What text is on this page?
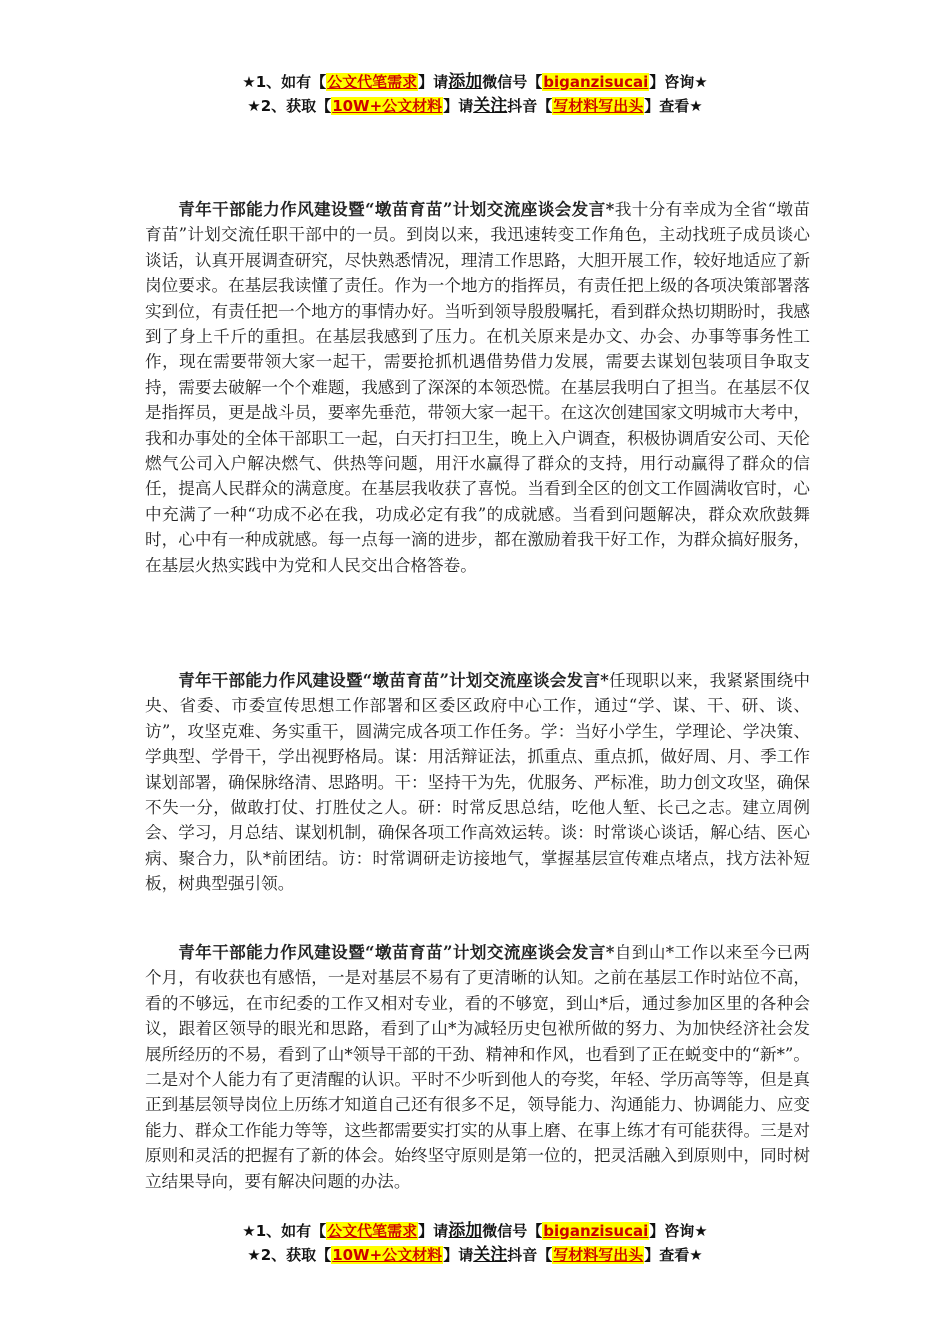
★1、如有【公文代笔需求】请添加微信号【biganzisucai】咨询★
★2、获取【10W+公文材料】请关注抖音【写材料写出头】查看★

青年干部能力作风建设暨“墩苗育苗”计划交流座谈会发言*我十分有幸成为全省“墩苗育苗”计划交流任职干部中的一员。到岗以来，我迅速转变工作角色，主动找班子成员谈心谈话，认真开展调查研究，尽快熟悉情况，理清工作思路，大胆开展工作，较好地适应了新岗位要求。在基层我读懂了责任。作为一个地方的指挥员，有责任把上级的各项决策部署落实到位，有责任把一个地方的事情办好。当听到领导殷殷嘱托，看到群众热切期盼时，我感到了身上千斤的重担。在基层我感到了压力。在机关原来是办文、办会、办事等事务性工作，现在需要带领大家一起干，需要抢抓机遇借势借力发展，需要去谋划包装项目争取支持，需要去破解一个个难题，我感到了深深的本领恐慌。在基层我明白了担当。在基层不仅是指挥员，更是战斗员，要率先垂范，带领大家一起干。在这次创建国家文明城市大考中，我和办事处的全体干部职工一起，白天打扫卫生，晚上入户调查，积极协调盾安公司、天伦燃气公司入户解决燃气、供热等问题，用汗水赢得了群众的支持，用行动赢得了群众的信任，提高人民群众的满意度。在基层我收获了喜悦。当看到全区的创文工作圆满收官时，心中充满了一种“功成不必在我，功成必定有我”的成就感。当看到问题解决，群众欢欣鼓舞时，心中有一种成就感。每一点每一滴的进步，都在激励着我干好工作，为群众搞好服务，在基层火热实践中为党和人民交出合格答卷。

青年干部能力作风建设暨“墩苗育苗”计划交流座谈会发言*任现职以来，我紧紧围绕中央、省委、市委宣传思想工作部署和区委区政府中心工作，通过“学、谋、干、研、谈、访”，攻坚克难、务实重干，圆满完成各项工作任务。学：当好小学生，学理论、学决策、学典型、学骨干，学出视野格局。谋：用活辩证法，抓重点、重点抓，做好周、月、季工作谋划部署，确保脉络清、思路明。干：坚持干为先，优服务、严标准，助力创文攻坚，确保不失一分，做敢打仗、打胜仗之人。研：时常反思总结，吃他人堑、长己之志。建立周例会、学习，月总结、谋划机制，确保各项工作高效运转。谈：时常谈心谈话，解心结、医心病、聚合力，队*前团结。访：时常调研走访接地气，掌握基层宣传难点堵点，找方法补短板，树典型强引领。

青年干部能力作风建设暨“墩苗育苗”计划交流座谈会发言*自到山*工作以来至今已两个月，有收获也有感悟，一是对基层不易有了更清晰的认知。之前在基层工作时站位不高，看的不够远，在市纪委的工作又相对专业，看的不够宽，到山*后，通过参加区里的各种会议，跟着区领导的眼光和思路，看到了山*为减轻历史包袱所做的努力、为加快经济社会发展所经历的不易，看到了山*领导干部的干劲、精神和作风，也看到了正在蜕变中的“新*”。二是对个人能力有了更清醒的认识。平时不少听到他人的夸奖，年轻、学历高等等，但是真正到基层领导岗位上历练才知道自己还有很多不足，领导能力、沟通能力、协调能力、应变能力、群众工作能力等等，这些都需要实打实的从事上磨、在事上练才有可能获得。三是对原则和灵活的把握有了新的体会。始终坚守原则是第一位的，把灵活融入到原则中，同时树立结果导向，要有解决问题的办法。

★1、如有【公文代笔需求】请添加微信号【biganzisucai】咨询★
★2、获取【10W+公文材料】请关注抖音【写材料写出头】查看★
